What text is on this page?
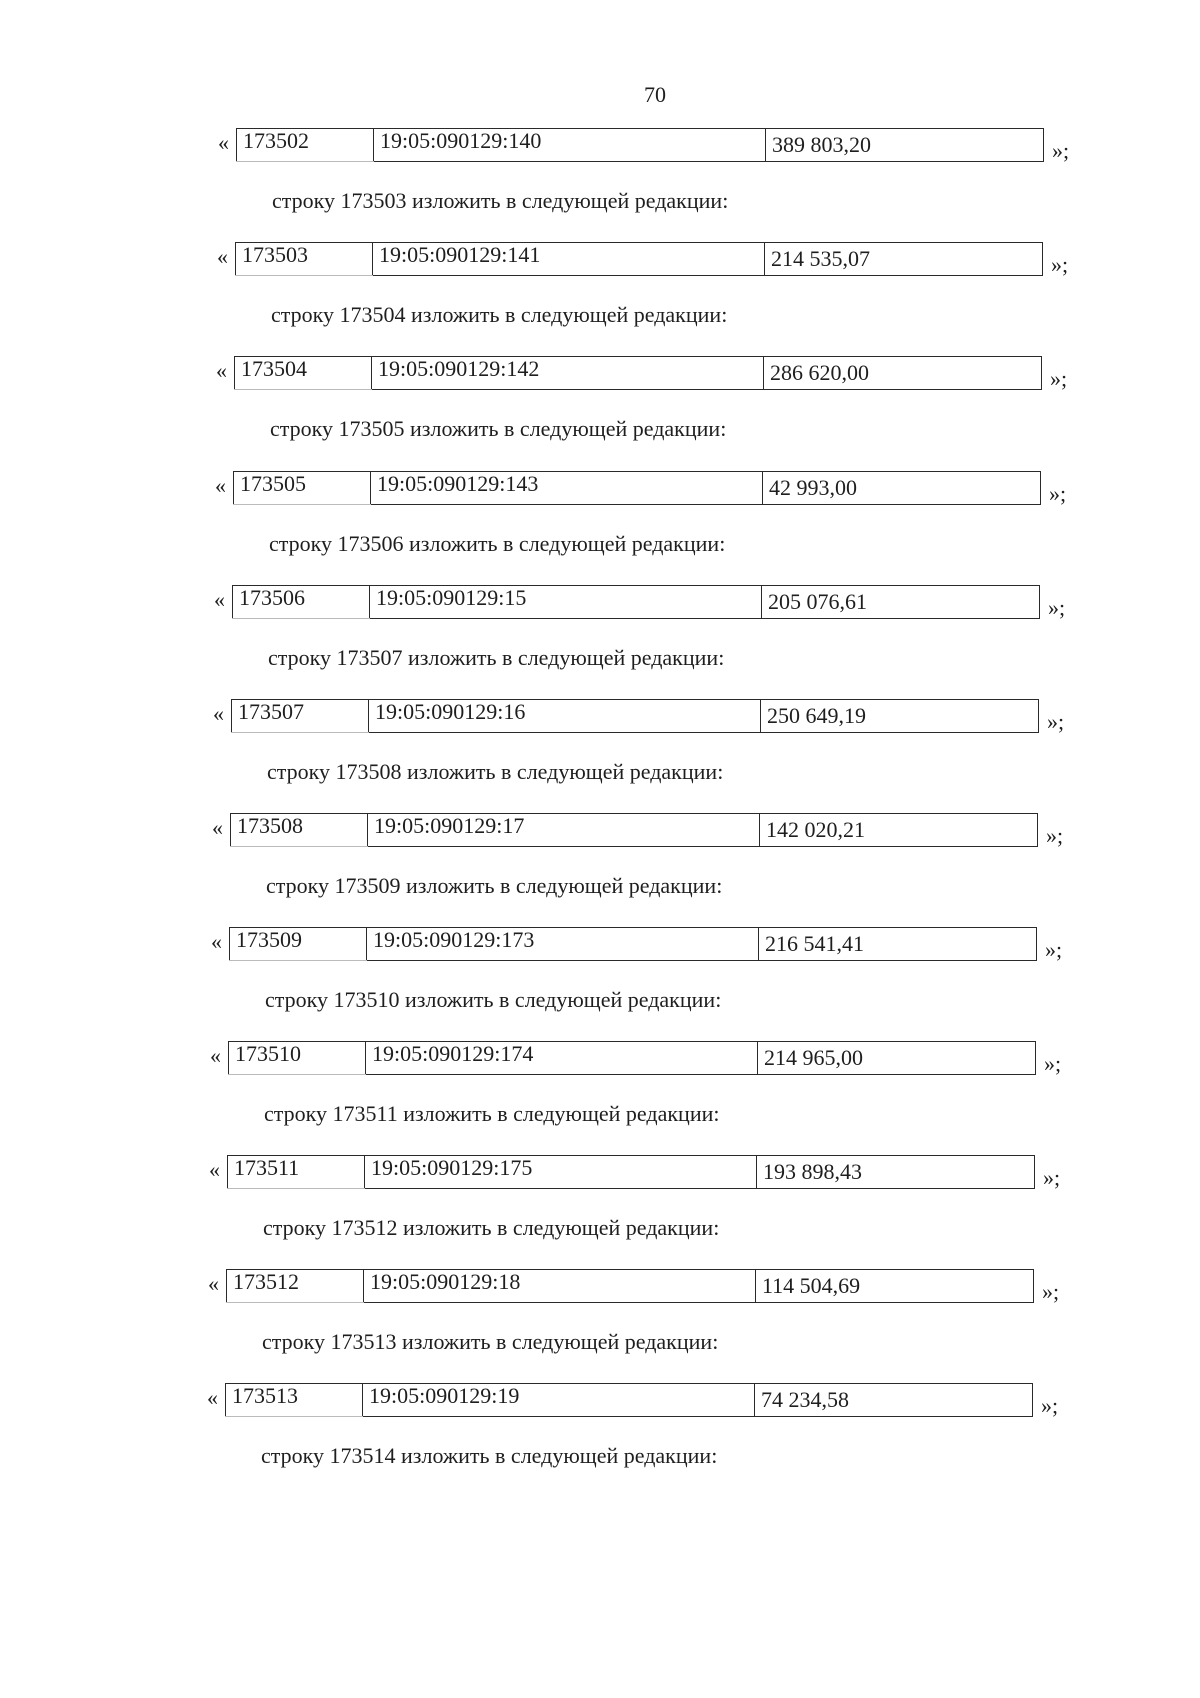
70
« 173502	19:05:090129:140	389 803,20	»;
строку 173503 изложить в следующей редакции:
« 173503	19:05:090129:141	214 535,07	»;
строку 173504 изложить в следующей редакции:
« 173504	19:05:090129:142	286 620,00	»;
строку 173505 изложить в следующей редакции:
« 173505	19:05:090129:143	42 993,00	»;
строку 173506 изложить в следующей редакции:
« 173506	19:05:090129:15	205 076,61	»;
строку 173507 изложить в следующей редакции:
« 173507	19:05:090129:16	250 649,19	»;
строку 173508 изложить в следующей редакции:
« 173508	19:05:090129:17	142 020,21	»;
строку 173509 изложить в следующей редакции:
« 173509	19:05:090129:173	216 541,41	»;
строку 173510 изложить в следующей редакции:
« 173510	19:05:090129:174	214 965,00	»;
строку 173511 изложить в следующей редакции:
« 173511	19:05:090129:175	193 898,43	»;
строку 173512 изложить в следующей редакции:
« 173512	19:05:090129:18	114 504,69	»;
строку 173513 изложить в следующей редакции:
« 173513	19:05:090129:19	74 234,58	»;
строку 173514 изложить в следующей редакции:
